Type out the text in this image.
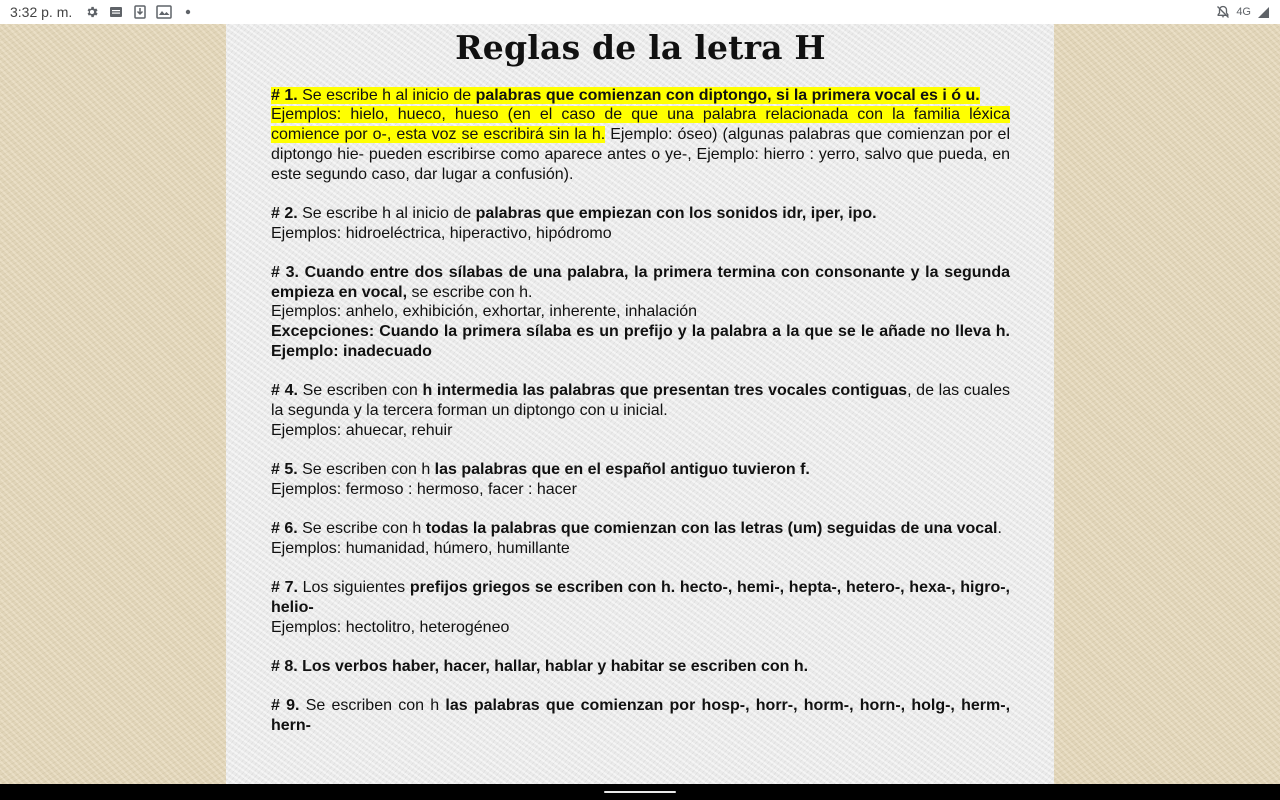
3:32 p. m.	4G
Reglas de la letra H

# 1. Se escribe h al inicio de palabras que comienzan con diptongo, si la primera vocal es i ó u.
Ejemplos: hielo, hueco, hueso (en el caso de que una palabra relacionada con la familia léxica comience por o-, esta voz se escribirá sin la h. Ejemplo: óseo) (algunas palabras que comienzan por el diptongo hie- pueden escribirse como aparece antes o ye-, Ejemplo: hierro : yerro, salvo que pueda, en este segundo caso, dar lugar a confusión).

# 2. Se escribe h al inicio de palabras que empiezan con los sonidos idr, iper, ipo.
Ejemplos: hidroeléctrica, hiperactivo, hipódromo

# 3. Cuando entre dos sílabas de una palabra, la primera termina con consonante y la segunda empieza en vocal, se escribe con h.
Ejemplos: anhelo, exhibición, exhortar, inherente, inhalación
Excepciones: Cuando la primera sílaba es un prefijo y la palabra a la que se le añade no lleva h. Ejemplo: inadecuado

# 4. Se escriben con h intermedia las palabras que presentan tres vocales contiguas, de las cuales la segunda y la tercera forman un diptongo con u inicial.
Ejemplos: ahuecar, rehuir

# 5. Se escriben con h las palabras que en el español antiguo tuvieron f.
Ejemplos: fermoso : hermoso, facer : hacer

# 6. Se escribe con h todas la palabras que comienzan con las letras (um) seguidas de una vocal.
Ejemplos: humanidad, húmero, humillante

# 7. Los siguientes prefijos griegos se escriben con h. hecto-, hemi-, hepta-, hetero-, hexa-, higro-, helio-
Ejemplos: hectolitro, heterogéneo

# 8. Los verbos haber, hacer, hallar, hablar y habitar se escriben con h.

# 9. Se escriben con h las palabras que comienzan por hosp-, horr-, horm-, horn-, holg-, herm-, hern-
